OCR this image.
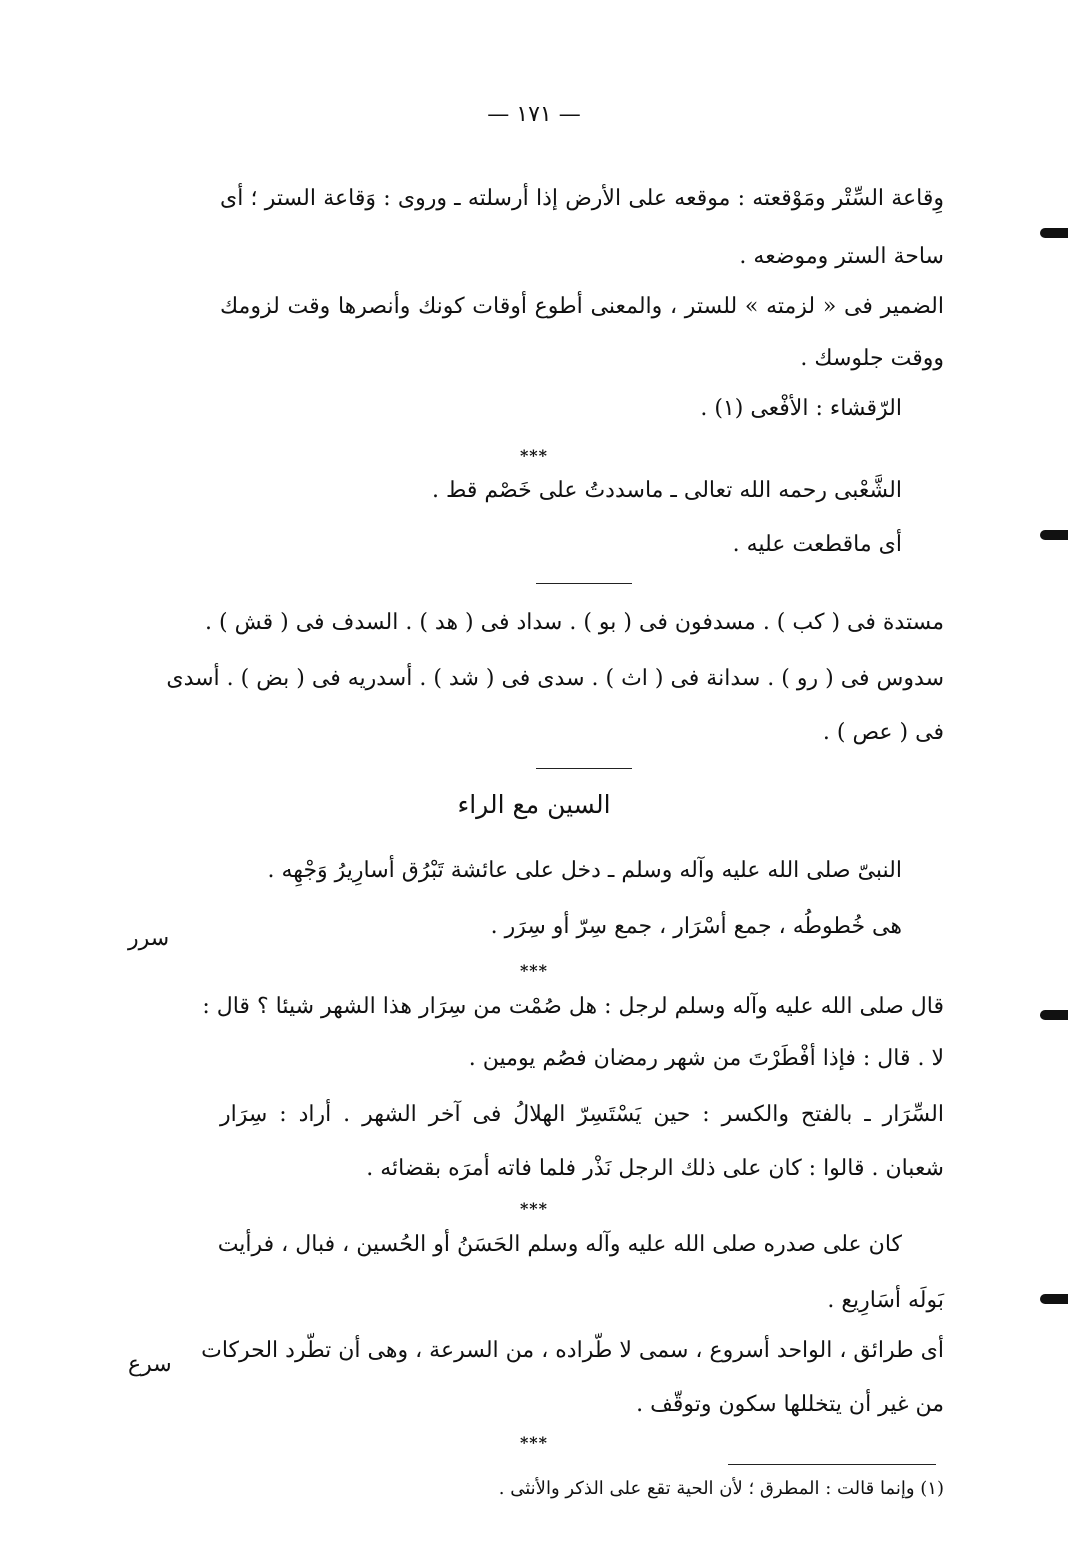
— ١٧١ —
وِقاعة السِّتْر ومَوْقعته : موقعه على الأرض إذا أرسلته ـ وروى : وَقاعة الستر ؛ أى
ساحة الستر وموضعه .
الضمير فى « لزمته » للستر ، والمعنى أطوع أوقات كونك وأنصرها وقت لزومك
ووقت جلوسك .
الرّقشاء : الأفْعى (١) .
***
الشَّعْبى رحمه الله تعالى ـ ماسددتُ على خَصْم قط .
أى ماقطعت عليه .
مستدة فى ( كب ) . مسدفون فى ( بو ) . سداد فى ( هد ) . السدف فى ( قش ) .
سدوس فى ( رو ) . سدانة فى ( اث ) . سدى فى ( شد ) . أسدريه فى ( بض ) . أسدى
فى ( عص ) .
السين مع الراء
النبىّ صلى الله عليه وآله وسلم ـ دخل على عائشة تَبْرُق أسارِيرُ وَجْهِه .
هى خُطوطُه ، جمع أسْرَار ، جمع سِرّ أو سِرَر .
سرر
***
قال صلى الله عليه وآله وسلم لرجل : هل صُمْت من سِرَار هذا الشهر شيئا ؟ قال :
لا . قال : فإذا أفْطَرْتَ من شهر رمضان فصُم يومين .
السِّرَار ـ بالفتح والكسر : حين يَسْتَسِرّ الهلالُ فى آخر الشهر . أراد : سِرَار
شعبان . قالوا : كان على ذلك الرجل نَذْر فلما فاته أمرَه بقضائه .
***
كان على صدره صلى الله عليه وآله وسلم الحَسَنُ أو الحُسين ، فبال ، فرأيت
بَولَه أسَارِيع .
أى طرائق ، الواحد أسروع ، سمى لا طّراده ، من السرعة ، وهى أن تطّرد الحركات
من غير أن يتخللها سكون وتوقّف .
سرع
***
(١) وإنما قالت : المطرق ؛ لأن الحية تقع على الذكر والأنثى .
